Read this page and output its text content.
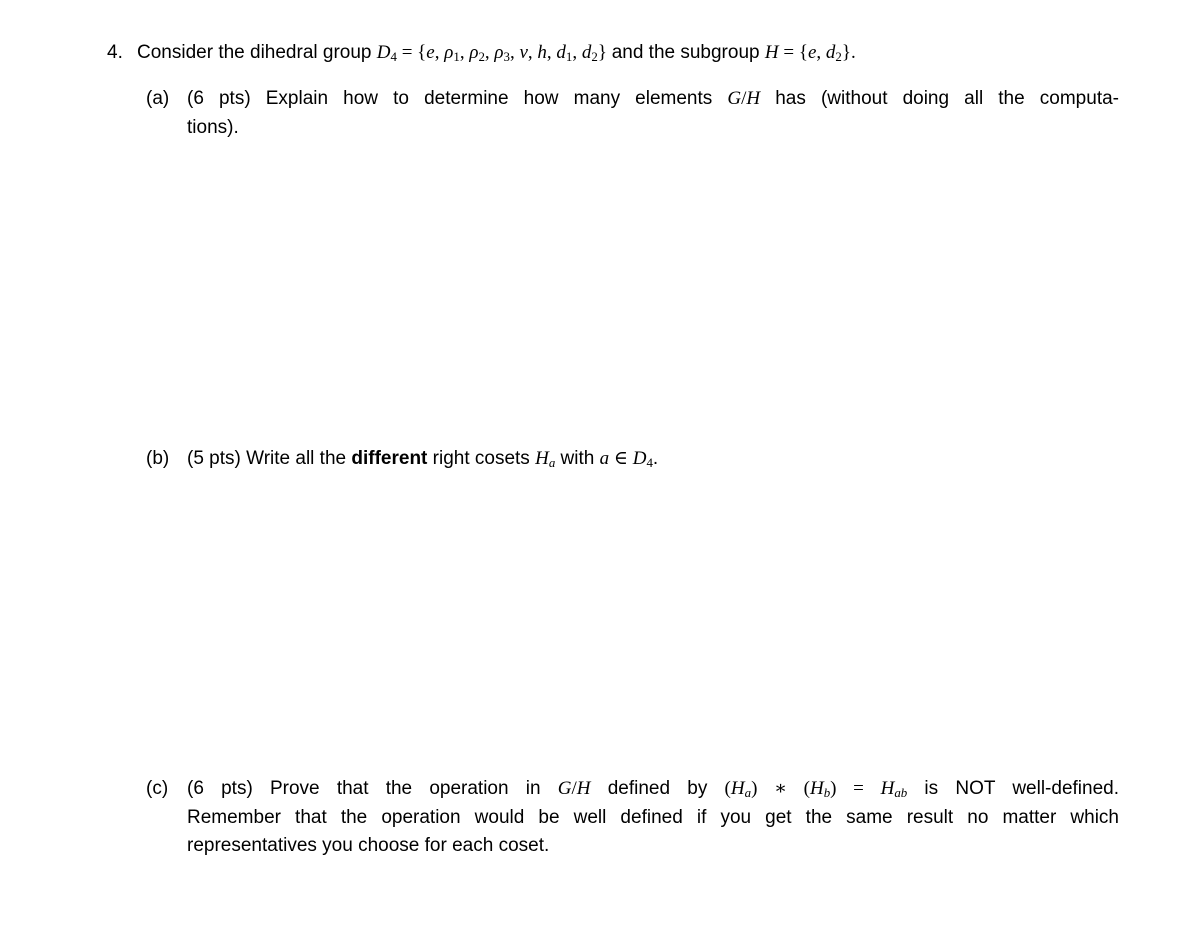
4. Consider the dihedral group $D_4 = \{e$, $\rho_1$, $\rho_2$, $\rho_3$, v, h, $d_1$, $d_2$} and the subgroup H = {e, $d_2$}.
(a) (6 pts) Explain how to determine how many elements G/H has (without doing all the computa-
tions).
(b) (5 pts) Write all the different right cosets $H_a$ with a ∈ $D_4$.
(c) (6 pts) Prove that the operation in G/H defined by $(H_a)$ ∗ $(H_b) = H_{ab}$ is NOT well-defined.
Remember that the operation would be well defined if you get the same result no matter which
representatives you choose for each coset.
